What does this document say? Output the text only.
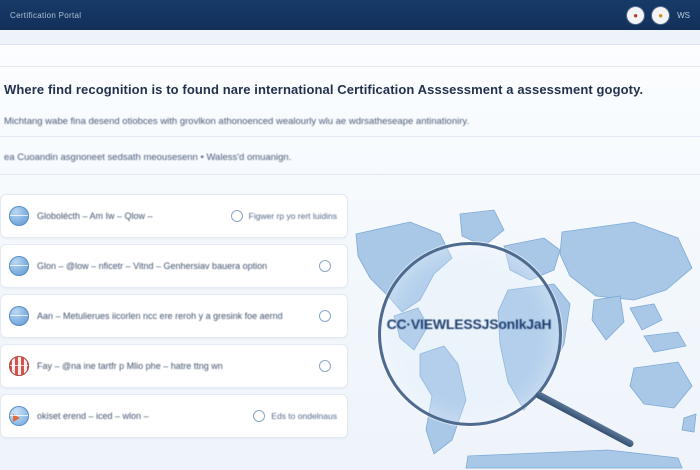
Certification Portal	●	●	WS
Where find recognition is to found nare international Certification Asssessment a assessment gogoty.
Michtang wabe fina desend otiobces with grovlkon athonoenced wealourly wlu ae wdrsatheseape antinationiry.
ea Cuoandin asgnoneet sedsath meousesenn • Waless'd omuanign.
Globolécth – Am Iw – Qlow –	Figwer rp yo rert luidins
Glon – @low – nficetr – Vitnd – Genhersiav bauera option
Aan – Metulierues iicorlen ncc ere reroh y a gresink foe aernd
Fay – @na ine tartfr p Mlio phe – hatre ttng wn
okiset erend – iced – wlon –	Eds to ondelnaus
CC·VIEWLESSJSonIkJaH
